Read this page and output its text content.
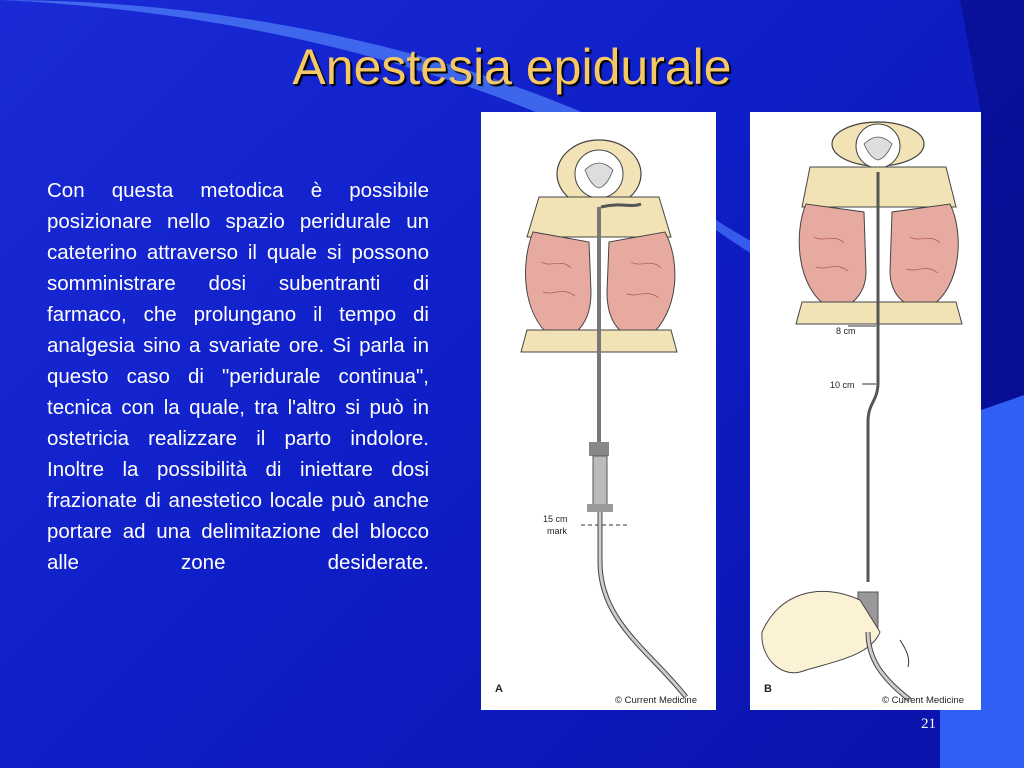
Anestesia epidurale
Con questa metodica è possibile posizionare nello spazio peridurale un cateterino attraverso il quale si possono somministrare dosi subentranti di farmaco, che prolungano il tempo di analgesia sino a svariate ore. Si parla in questo caso di "peridurale continua", tecnica con la quale, tra l'altro si può in ostetricia realizzare il parto indolore. Inoltre la possibilità di iniettare dosi frazionate di anestetico locale può anche portare ad una delimitazione del blocco alle zone desiderate.
15 cm
mark
A
© Current Medicine
8 cm
10 cm
B
© Current Medicine
21
